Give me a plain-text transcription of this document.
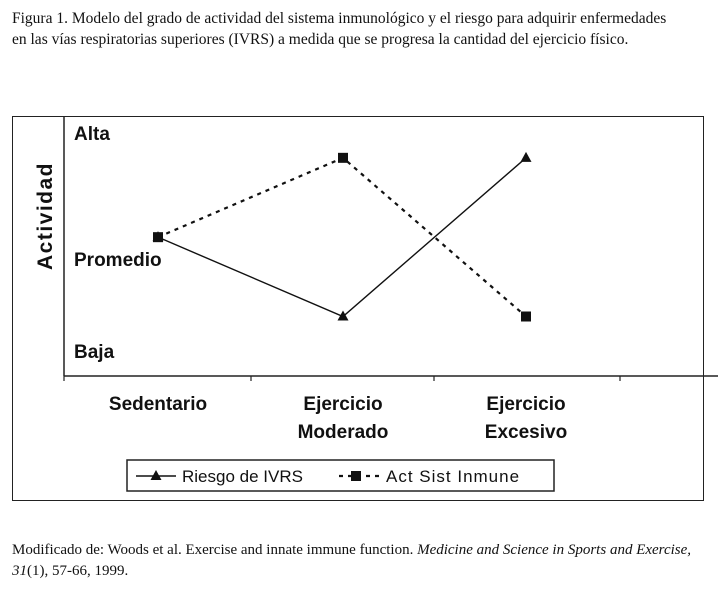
Figura 1. Modelo del grado de actividad del sistema inmunológico y el riesgo para adquirir enfermedades
en las vías respiratorias superiores (IVRS) a medida que se progresa la cantidad del ejercicio físico.
Actividad
Baja
Promedio
Alta
Sedentario	Ejercicio
Moderado
Ejercicio
Excesivo
Riesgo de IVRS	Act Sist Inmune
Modificado de: Woods et al. Exercise and innate immune function. Medicine and Science in Sports and Exercise, 31(1), 57-66, 1999.
